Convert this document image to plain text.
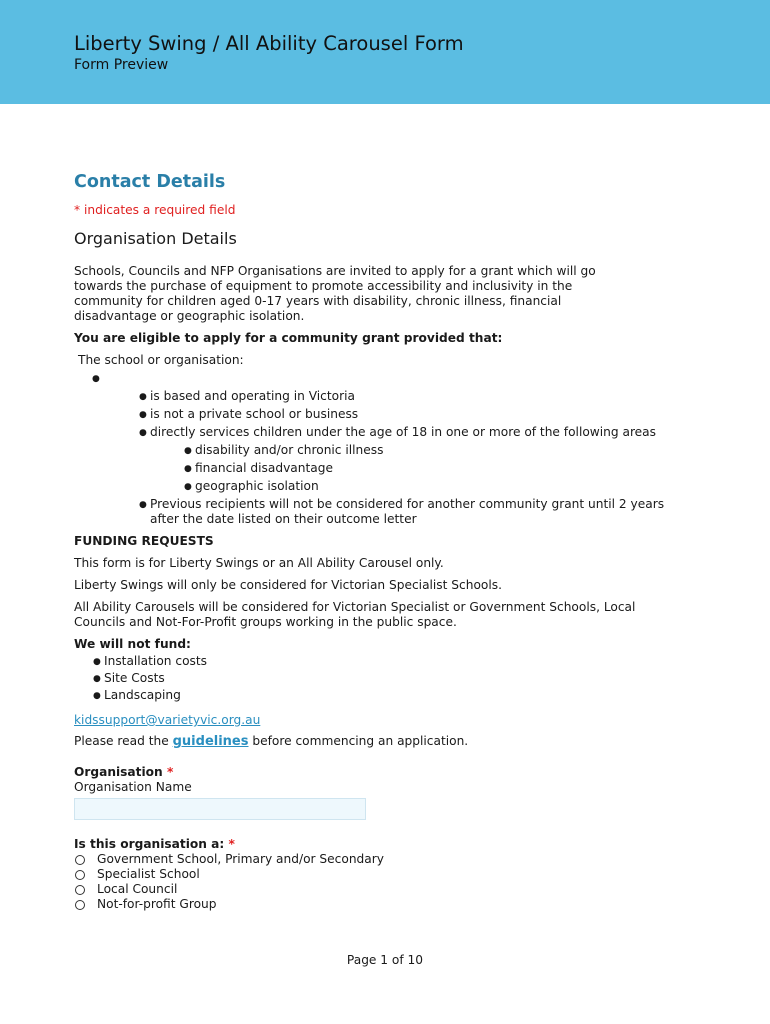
Liberty Swing / All Ability Carousel Form
Form Preview
Contact Details
* indicates a required field
Organisation Details

Schools, Councils and NFP Organisations are invited to apply for a grant which will go towards the purchase of equipment to promote accessibility and inclusivity in the community for children aged 0-17 years with disability, chronic illness, financial disadvantage or geographic isolation.

You are eligible to apply for a community grant provided that:

The school or organisation:

●
● is based and operating in Victoria
● is not a private school or business
● directly services children under the age of 18 in one or more of the following areas
● disability and/or chronic illness
● financial disadvantage
● geographic isolation
● Previous recipients will not be considered for another community grant until 2 years after the date listed on their outcome letter

FUNDING REQUESTS

This form is for Liberty Swings or an All Ability Carousel only.

Liberty Swings will only be considered for Victorian Specialist Schools.

All Ability Carousels will be considered for Victorian Specialist or Government Schools, Local Councils and Not-For-Profit groups working in the public space.

We will not fund:

● Installation costs
● Site Costs
● Landscaping

kidssupport@varietyvic.org.au

Please read the guidelines before commencing an application.

Organisation *

Organisation Name

Is this organisation a: *

Government School, Primary and/or Secondary
Specialist School
Local Council
Not-for-profit Group
Page 1 of 10
